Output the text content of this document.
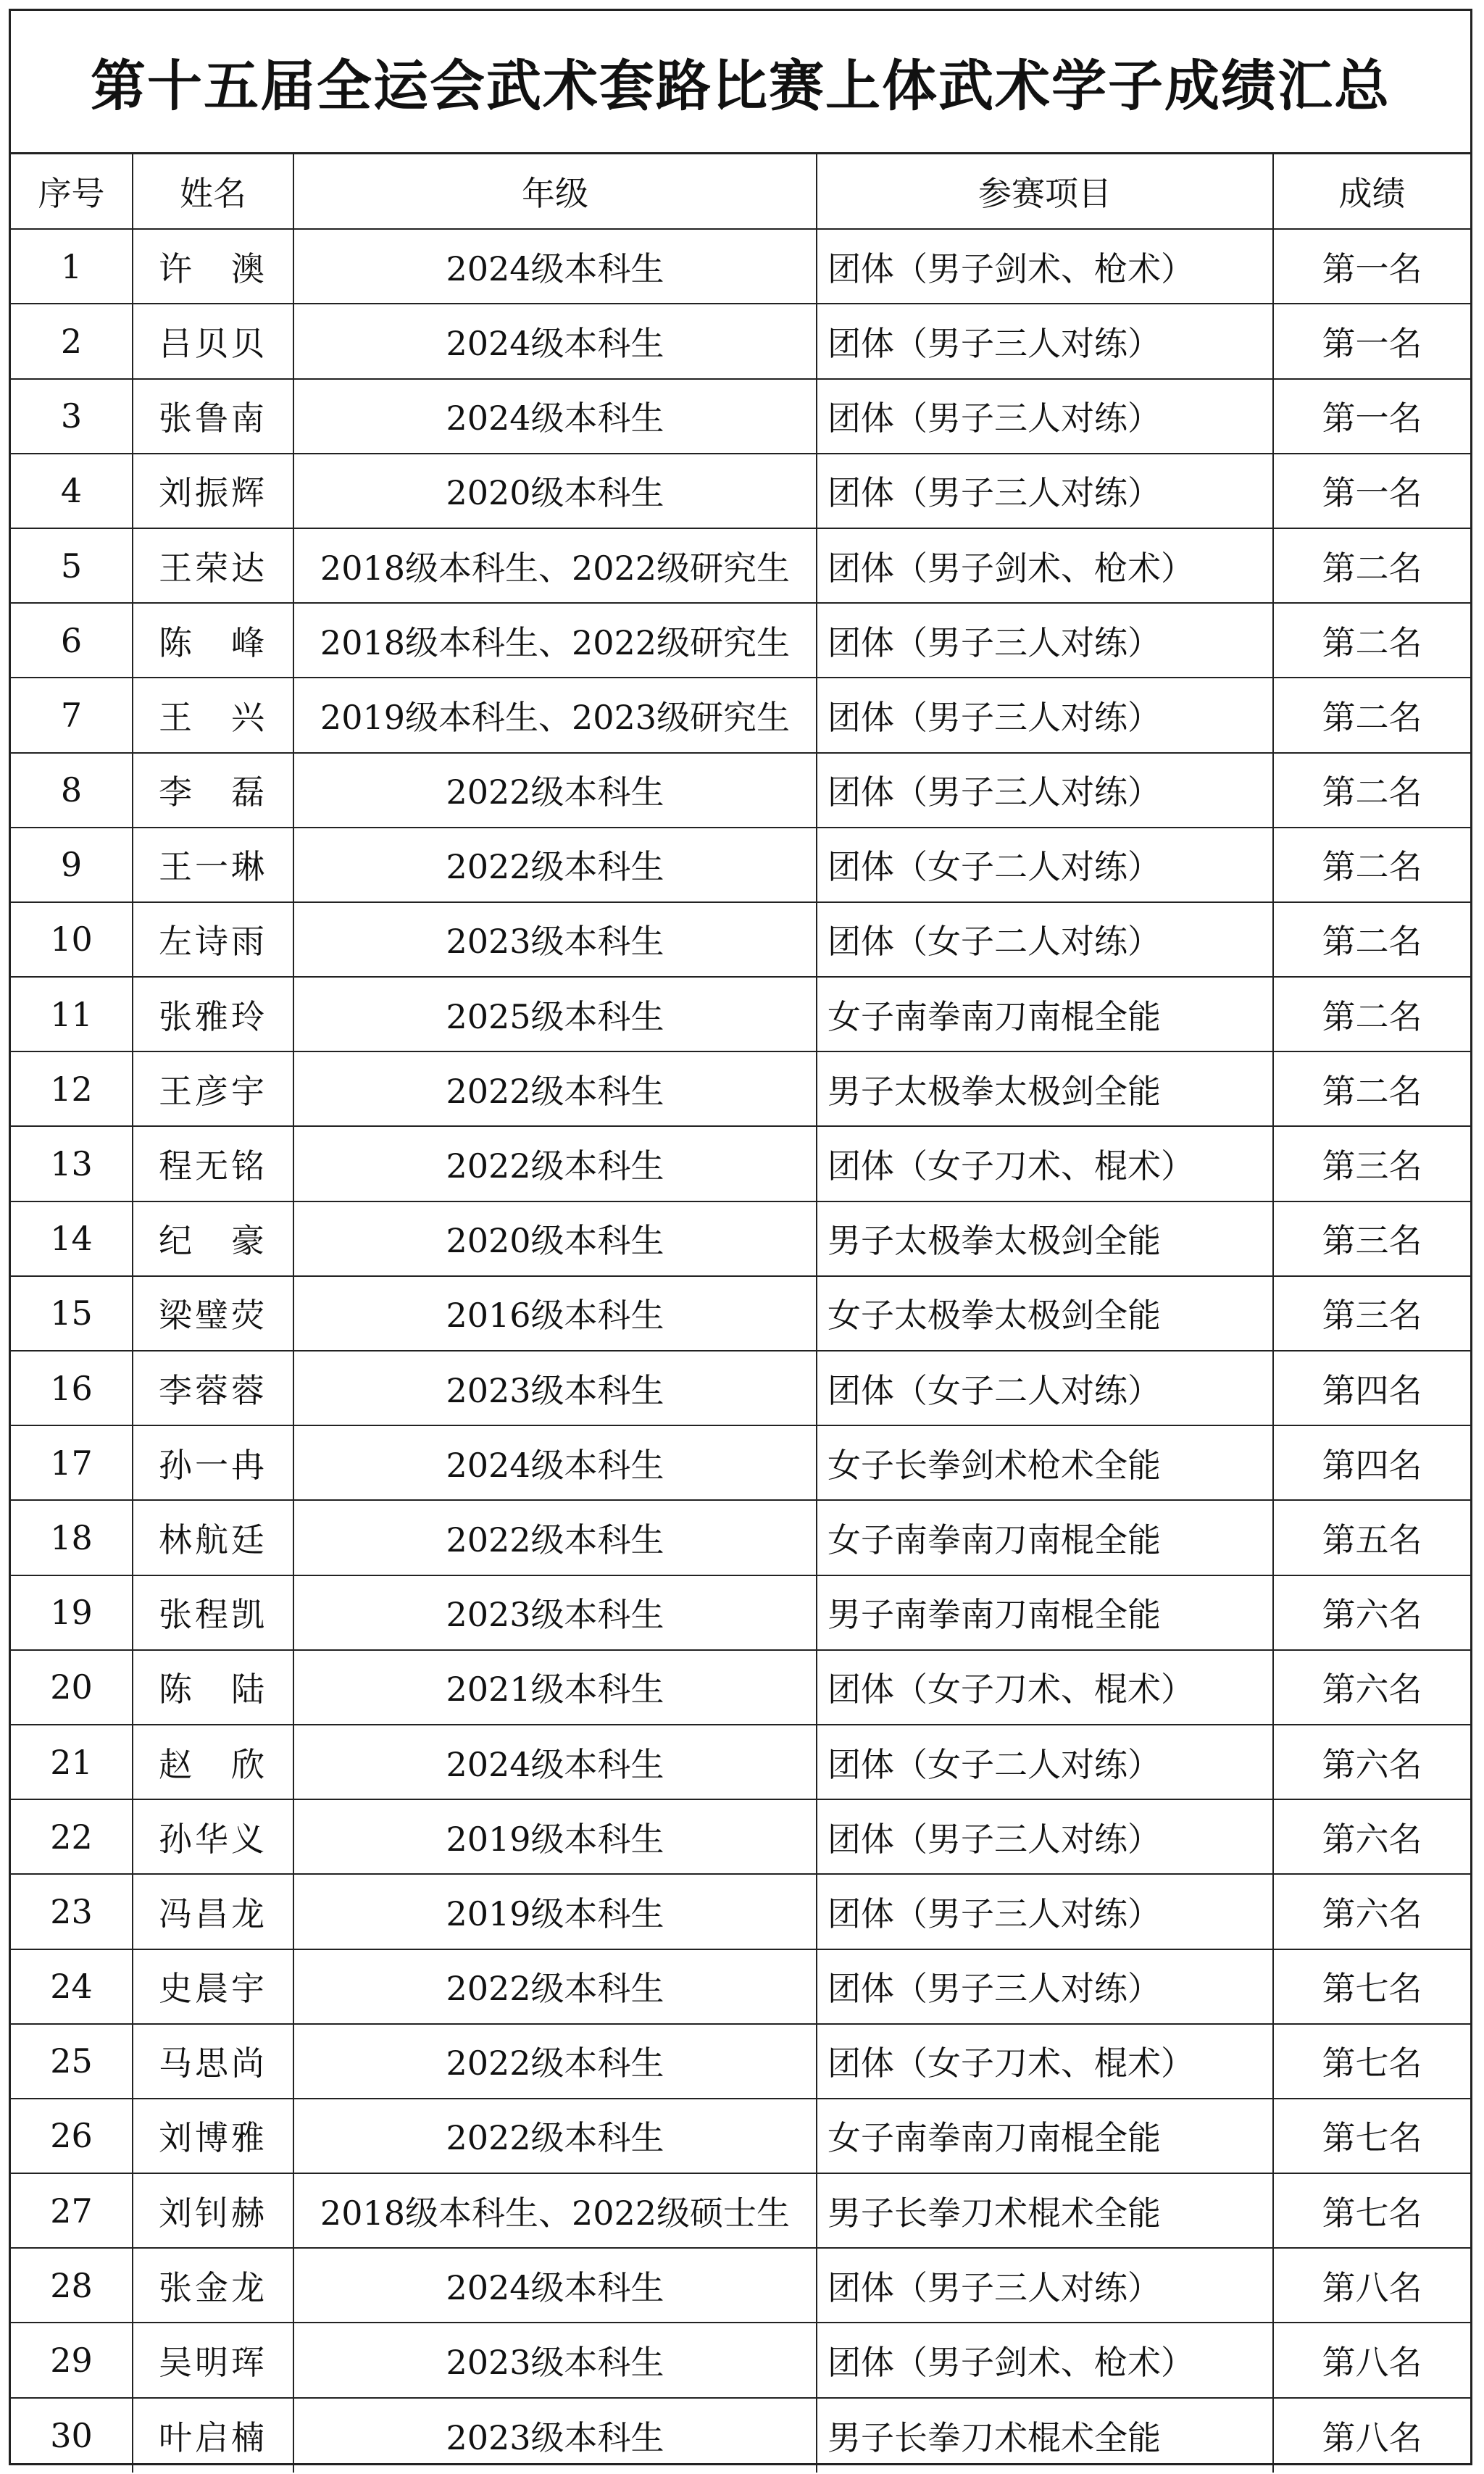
第十五届全运会武术套路比赛上体武术学子成绩汇总
序号	姓名	年级	参赛项目	成绩
1	许　澳	2024级本科生	团体（男子剑术、枪术）	第一名
2	吕贝贝	2024级本科生	团体（男子三人对练）	第一名
3	张鲁南	2024级本科生	团体（男子三人对练）	第一名
4	刘振辉	2020级本科生	团体（男子三人对练）	第一名
5	王荣达	2018级本科生、2022级研究生	团体（男子剑术、枪术）	第二名
6	陈　峰	2018级本科生、2022级研究生	团体（男子三人对练）	第二名
7	王　兴	2019级本科生、2023级研究生	团体（男子三人对练）	第二名
8	李　磊	2022级本科生	团体（男子三人对练）	第二名
9	王一琳	2022级本科生	团体（女子二人对练）	第二名
10	左诗雨	2023级本科生	团体（女子二人对练）	第二名
11	张雅玲	2025级本科生	女子南拳南刀南棍全能	第二名
12	王彦宇	2022级本科生	男子太极拳太极剑全能	第二名
13	程无铭	2022级本科生	团体（女子刀术、棍术）	第三名
14	纪　豪	2020级本科生	男子太极拳太极剑全能	第三名
15	梁璧荧	2016级本科生	女子太极拳太极剑全能	第三名
16	李蓉蓉	2023级本科生	团体（女子二人对练）	第四名
17	孙一冉	2024级本科生	女子长拳剑术枪术全能	第四名
18	林航廷	2022级本科生	女子南拳南刀南棍全能	第五名
19	张程凯	2023级本科生	男子南拳南刀南棍全能	第六名
20	陈　陆	2021级本科生	团体（女子刀术、棍术）	第六名
21	赵　欣	2024级本科生	团体（女子二人对练）	第六名
22	孙华义	2019级本科生	团体（男子三人对练）	第六名
23	冯昌龙	2019级本科生	团体（男子三人对练）	第六名
24	史晨宇	2022级本科生	团体（男子三人对练）	第七名
25	马思尚	2022级本科生	团体（女子刀术、棍术）	第七名
26	刘博雅	2022级本科生	女子南拳南刀南棍全能	第七名
27	刘钊赫	2018级本科生、2022级硕士生	男子长拳刀术棍术全能	第七名
28	张金龙	2024级本科生	团体（男子三人对练）	第八名
29	吴明珲	2023级本科生	团体（男子剑术、枪术）	第八名
30	叶启楠	2023级本科生	男子长拳刀术棍术全能	第八名
